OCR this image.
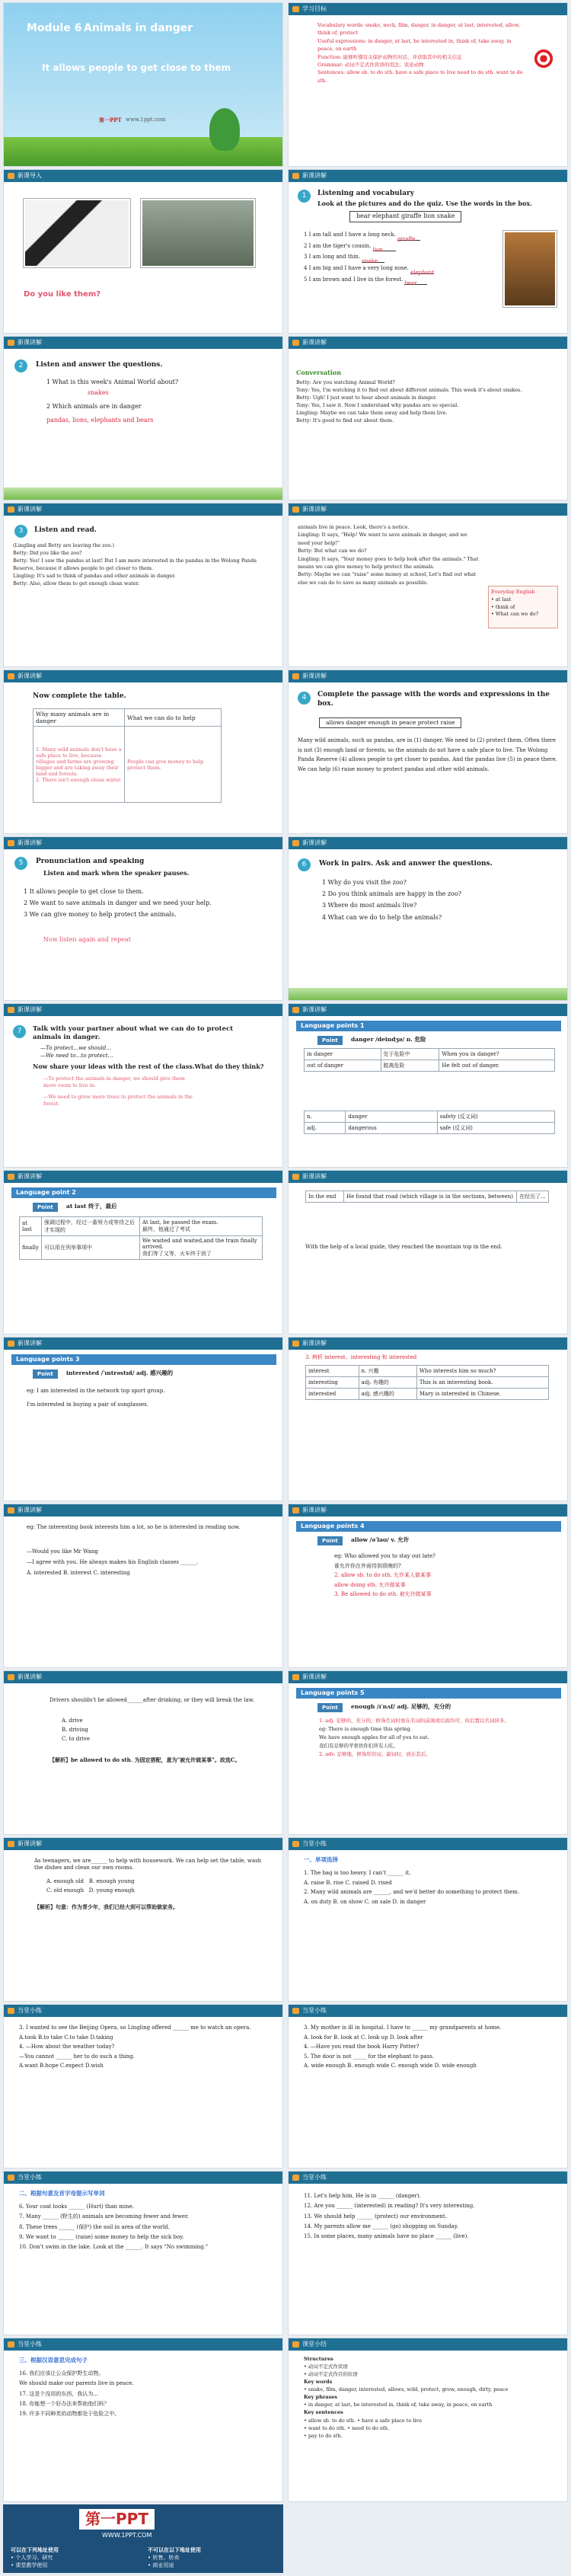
Module 6 Animals in danger
It allows people to get close to them
第一PPT www.1ppt.com
学习目标
Vocabulary words: snake, neck, film, danger, in danger, at last, interested, allow, think of, protect
Useful expressions: in danger, at last, be interested in, think of, take away, in peace, on earth
Function: 能够听懂有关保护动物的对话，并获取其中的相关信息
Grammar: 动词不定式作宾语的用法；谈论动物
Sentences: allow sb. to do sth. have a safe place to live need to do sth. want to do sth.
新课导入
Do you like them?
新课讲解
1	Listening and vocabulary
Look at the pictures and do the quiz. Use the words in the box.
bear elephant giraffe lion snake
1 I am tall and I have a long neck. giraffe
2 I am the tiger's cousin. lion
3 I am long and thin. snake
4 I am big and I have a very long nose. elephant
5 I am brown and I live in the forest. bear
新课讲解
2	Listen and answer the questions.
1 What is this week's Animal World about?
snakes
2 Which animals are in danger
pandas, lions, elephants and bears
新课讲解
Conversation
Betty: Are you watching Animal World?
Tony: Yes, I'm watching it to find out about different animals. This week it's about snakes.
Betty: Ugh! I just want to hear about animals in danger.
Tony: Yes, I saw it. Now I understand why pandas are so special.
Lingling: Maybe we can take them away and help them live.
Betty: It's good to find out about them.
新课讲解
3	Listen and read.
(Lingling and Betty are leaving the zoo.)
Betty: Did you like the zoo?
Betty: Yes! I saw the pandas at last! But I am more interested in the pandas in the Wolong Panda Reserve, because it allows people to get closer to them.
Lingling: It's sad to think of pandas and other animals in danger.
Betty: Also, allow them to get enough clean water.
新课讲解
animals live in peace. Look, there's a notice.
Lingling: It says, "Help! We want to save animals in danger, and we need your help!"
Betty: But what can we do?
Lingling: It says, "Your money goes to help look after the animals." That means we can give money to help protect the animals.
Betty: Maybe we can "raise" some money at school, Let's find out what else we can do to save as many animals as possible.
Everyday English
• at last
• think of
• What can we do?
新课讲解
Now complete the table.
Why many animals are in danger	What we can do to help

1. Many wild animals don't have a safe place to live, because villages and farms are growing bigger and are taking away their land and forests.
2. There isn't enough clean water.	People can give money to help protect them.
新课讲解
4	Complete the passage with the words and expressions in the box.
allows danger enough in peace protect raise
Many wild animals, such as pandas, are in (1) danger. We need to (2) protect them. Often there is not (3) enough land or forests, so the animals do not have a safe place to live. The Wolong Panda Reserve (4) allows people to get closer to pandas. And the pandas live (5) in peace there. We can help (6) raise money to protect pandas and other wild animals.
新课讲解
5	Pronunciation and speaking
Listen and mark when the speaker pauses.
1 It allows people to get close to them.
2 We want to save animals in danger and we need your help.
3 We can give money to help protect the animals.
Now listen again and repeat
新课讲解
6	Work in pairs. Ask and answer the questions.
1 Why do you visit the zoo?
2 Do you think animals are happy in the zoo?
3 Where do most animals live?
4 What can we do to help the animals?
新课讲解
7	Talk with your partner about what we can do to protect animals in danger.
—To protect…we should…
—We need to…to protect…
Now share your ideas with the rest of the class.What do they think?
—To protect the animals in danger, we should give them more room to live in.
—We need to grow more trees to protect the animals in the forest.
新课讲解
Language points 1
Point	danger /deindʒə/ n. 危险
in danger	处于危险中	When you in danger?
out of danger	脱离危险	He felt out of danger.
n.	danger	safety (反义词)
adj.	dangerous	safe (反义词)
新课讲解
Language point 2
Point	at last 终于，最后
at last	强调过程中，经过一番努力或等待之后才实现的	At last, he passed the exam.
最终，他通过了考试

finally	可以用在列举事项中	We waited and waited,and the train finally arrived.
我们等了又等，火车终于到了
新课讲解
In the end	He found that road (which village is in the sections, between)	在经历了...
With the help of a local guide, they reached the mountain top in the end.
新课讲解
Language points 3
Point	interested /ˈɪntrəstɪd/ adj. 感兴趣的
eg: I am interested in the network top sport group.
I'm interested in buying a pair of sunglasses.
新课讲解
3. 辨析 interest、interesting 和 interested
interest	n. 兴趣	Who interests him so much?
interesting	adj. 有趣的	This is an interesting book.
interested	adj. 感兴趣的	Mary is interested in Chinese.
新课讲解
eg: The interesting book interests him a lot, so he is interested in reading now.
—Would you like Mr Wang
—I agree with you. He always makes his English classes ______.
A. interested B. interest C. interesting
新课讲解
Language points 4
Point	allow /əˈlaʊ/ v. 允许
eg: Who allowed you to stay out late?
谁允许你在外面待到很晚的?
2. allow sb. to do sth. 允许某人做某事
allow doing sth. 允许做某事
3. Be allowed to do sth. 被允许做某事
新课讲解
Drivers shouldn't be allowed______after drinking, or they will break the law.
A. drive
B. driving
C. to drive
【解析】be allowed to do sth. 为固定搭配，意为"被允许做某事"。故选C。
新课讲解
Language points 5
Point	enough /ɪˈnʌf/ adj. 足够的，充分的
1. adj. 足够的，充分的，修饰名词时放在名词的前面或后面均可，但后置以名词居多。
eg: There is enough time this spring.
We have enough apples for all of you to eat.
我们有足够的苹果供你们所有人吃。
2. adv. 足够地，修饰形容词、副词时，放在其后。
新课讲解
As teenagers, we are______ to help with housework. We can help set the table, wash the dishes and clean our own rooms.
A. enough old B. enough young
C. old enough D. young enough
【解析】句意：作为青少年，我们已经大到可以帮助做家务。
当堂小练
一、单项选择
1. The bag is too heavy. I can't ______ it.
A. raise B. rise C. raised D. rised
2. Many wild animals are ______, and we'd better do something to protect them.
A. on duty B. on show C. on sale D. in danger
当堂小练
3. I wanted to see the Beijing Opera, so Lingling offered ______ me to watch an opera.
A.took B.to take C.to take D.taking
4. —How about the weather today?
—You cannot ______ her to do such a thing.
A.want B.hope C.expect D.wish
当堂小练
3. My mother is ill in hospital. I have to ______ my grandparents at home.
A. look for B. look at C. look up D. look after
4. —Have you read the book Harry Potter?
5. The door is not _____ for the elephant to pass.
A. wide enough B. enough wide C. enough wide D. wide enough
当堂小练
二、根据句意及首字母提示写单词
6. Your coat looks ______ (Hurt) than mine.
7. Many ______ (野生的) animals are becoming fewer and fewer.
8. These trees ______ (保护) the soil in area of the world.
9. We want to ______ (raise) some money to help the sick boy.
10. Don't swim in the lake. Look at the ______. It says "No swimming."
当堂小练
11. Let's help him. He is in ______ (danger).
12. Are you ______ (interested) in reading? It's very interesting.
13. We should help ______ (protect) our environment.
14. My parents allow me ______ (go) shopping on Sunday.
15. In some places, many animals have no place ______ (live).
当堂小练
三、根据汉语意思完成句子
16. 我们应该让公众保护野生动物。
We should make our parents live in peace.
17. 这是个没用的东西，我认为...
18. 你能想一个好办法来帮助他们吗？
19. 许多不同种类的动物都处于危险之中。
课堂小结
Structures
• 动词不定式作宾语
• 动词不定式作目的状语
Key words
• snake, film, danger, interested, allows, wild, protect, grow, enough, dirty, peace
Key phrases
• in danger, at last, be interested in, think of, take away, in peace, on earth
Key sentences
• allow sb. to do sth. • have a safe place to live
• want to do sth. • need to do sth.
• pay to do sth.
第一PPT
WWW.1PPT.COM
可以在下列地址使用
• 个人学习、研究
• 课堂教学使用
不可以在以下地址使用
• 转售、转卖
• 商业用途
